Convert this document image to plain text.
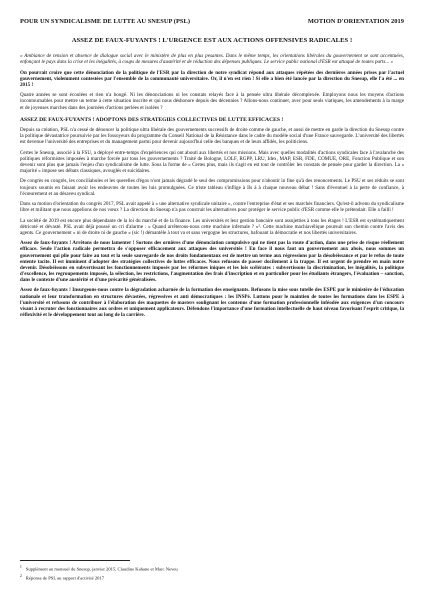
POUR UN SYNDICALISME DE LUTTE AU SNESUP (PSL)	MOTION D'ORIENTATION 2019
ASSEZ DE FAUX-FUYANTS ! L'URGENCE EST AUX ACTIONS OFFENSIVES RADICALES !
« Ambiance de tension et absence de dialogue social avec le ministère de plus en plus pesantes. Dans le même temps, les orientations libérales du gouvernement se sont accentuées, enfonçant le pays dans la crise et les inégalités, à coups de mesures d'austérité et de réduction des dépenses publiques. Le service public national d'ESR est attaqué de toutes parts... »

On pourrait croire que cette dénonciation de la politique de l'ESR par la direction de notre syndicat répond aux attaques répétées des dernières années prises par l'actuel gouvernement, violemment contestées par l'ensemble de la communauté universitaire. Or, il n'en est rien ! Si elle a bien été lancée par la direction du Snesup, elle l'a été ... en 2015 !

Quatre années se sont écoulées et rien n'a bougé. Ni les dénonciations ni les constats relayés face à la pensée ultra libérale décomplexée. Employons nous les moyens d'actions incontournables pour mettre un terme à cette situation inscrite et qui nous déshonore depuis des décennies ? Allons-nous continuer, avec pour seuls viatiques, les amendements à la marge et de joyeuses marches dans des journées d'actions perlées et isolées ?

ASSEZ DE FAUX-FUYANTS ! ADOPTONS DES STRATEGIES COLLECTIVES DE LUTTE EFFICACES !

Depuis sa création, PSL n'a cessé de dénoncer la politique ultra libérale des gouvernements successifs de droite comme de gauche, et aussi de mettre en garde la direction du Snesup contre la politique dévastatrice poursuivie par les fossoyeurs du programme du Conseil National de la Résistance dans le cadre du modèle social d'une France sauvegarde. L'université des libertés est devenue l'université des entreprises et du management parmi pour devenir aujourd'hui celle des banques et de leurs affidés, les politiciens.

Certes le Snesup, associé à la FSU, a déployé entre-temps d'expériences qui ont abouti aux libertés et nos missions. Mais avec quelles modalités d'actions syndicales face à l'avalanche des politiques réformistes imposées à marche forcée par tous les gouvernements ? Traité de Bologne, LOLF, RGPP, LRU, Idex, MAP, ESR, FDE, COMUE, ORE, Fonction Publique et son devenir sont plus que jamais l'enjeu d'un syndicalisme de lutte. Sous la forme de « Certes plus, mais ils s'agit en est tout de contrôler les constats de pensée pour garder la direction. La « majorité » impose ses débats classiques, avouglés et suicidaires.

De congrès en congrès, les conciliabules et les querelles d'égos n'ont jamais dégradé le seul des compromissions pour n'aboutir in fine qu'à des renoncements. Le PSU et ses réduits se sont toujours soumis en faisant avoir les endeuvres de toutes les luis promulguées. Ce triste tableau s'inflige à Ils à à chaque nouveau débat ! Sans d'éventuel à la perte de confiance, à l'écœurement et au désaveu syndical.

Dans sa motion d'orientation du congrès 2017, PSL avait appelé à « une alternative syndicale unitaire », contre l'entreprise d'état et ses marchés financiers. Qu'est-il advenu du syndicalisme libre et militant que nous appelions de nos vœux ? La direction du Snesup n'a pas construit les alternatives pour protéger le service public d'ESR comme elle le prétendait. Elle a failli !

La société de 2019 est encore plus dépendante de la loi du marché et de la finance. Les universités et leur gestion bancaire sont assujetties à tous les étages ! L'ESR est systématiquement détricoté et dévasté. PSL avait déjà poussé un cri d'alarme : « Quand arrêterons-nous cette machine infernale ? »². Cette machine machiavélique poursuit son chemin contre l'avis des agents. Ce gouvernement « ni de droite ni de gauche » (sic !) démantèle à tout va et sans vergogne les structures, bafouant la démocratie et nos libertés universitaires.

Assez de faux-fuyants ! Arrêtons de nous lamenter ! Sortons des ornières d'une dénonciation compulsive qui ne tient pas la route d'action, dans une prise de risque réellement efficace. Seule l'action radicale permettra de s'opposer efficacement aux attaques des universités ! En face il nous faut un gouvernement aux abois, nous sommes un gouvernement qui plie pour faire au tout et la seule sauvegarde de nos droits fondamentaux est de mettre un terme aux régressions par la désobéissance et par le refus de toute entente tacite. Il est imminent d'adopter des stratégies collectives de luttes efficaces. Nous refusons de passer docilement à la trappe. Il est urgent de prendre en main notre devenir. Désobéissons en subvertissant les fonctionnements imposés par les réformes iniques et les lois scélérates : subvertissons la discrimination, les inégalités, la politique d'excellence, les regroupements imposés, la sélection, les restrictions, l'augmentation des frais d'inscription et en particulier pour les étudiants étrangers, l'évaluation – sanction, dans le contexte d'une austérité et d'une précarité généralisées.

Assez de faux-fuyants ! Insurgeons-nous contre la dégradation acharnée de la formation des enseignants. Refusons la mise sous tutelle des ESPE par le ministère de l'éducation nationale et leur transformation en structures dévastées, régressives et anti démocratiques : les INSPé. Luttons pour le maintien de toutes les formations dans les ESPE à l'université et refusons de contribuer à l'élaboration des maquettes de masters soulignant les contenus d'une formation professionnelle inféodée aux exigences d'un concours visant à recruter des fonctionnaires aux ordres et uniquement applicateurs. Défendons l'importance d'une formation intellectuelle de haut niveau favorisant l'esprit critique, la réflexivité et le développement tout au long de la carrière.

$^1$ Supplément au mensuel du Snesup, janvier 2015, Claudine Kahane et Marc Neveu
$^2$ Réponse de PSL au rapport d'activité 2017
